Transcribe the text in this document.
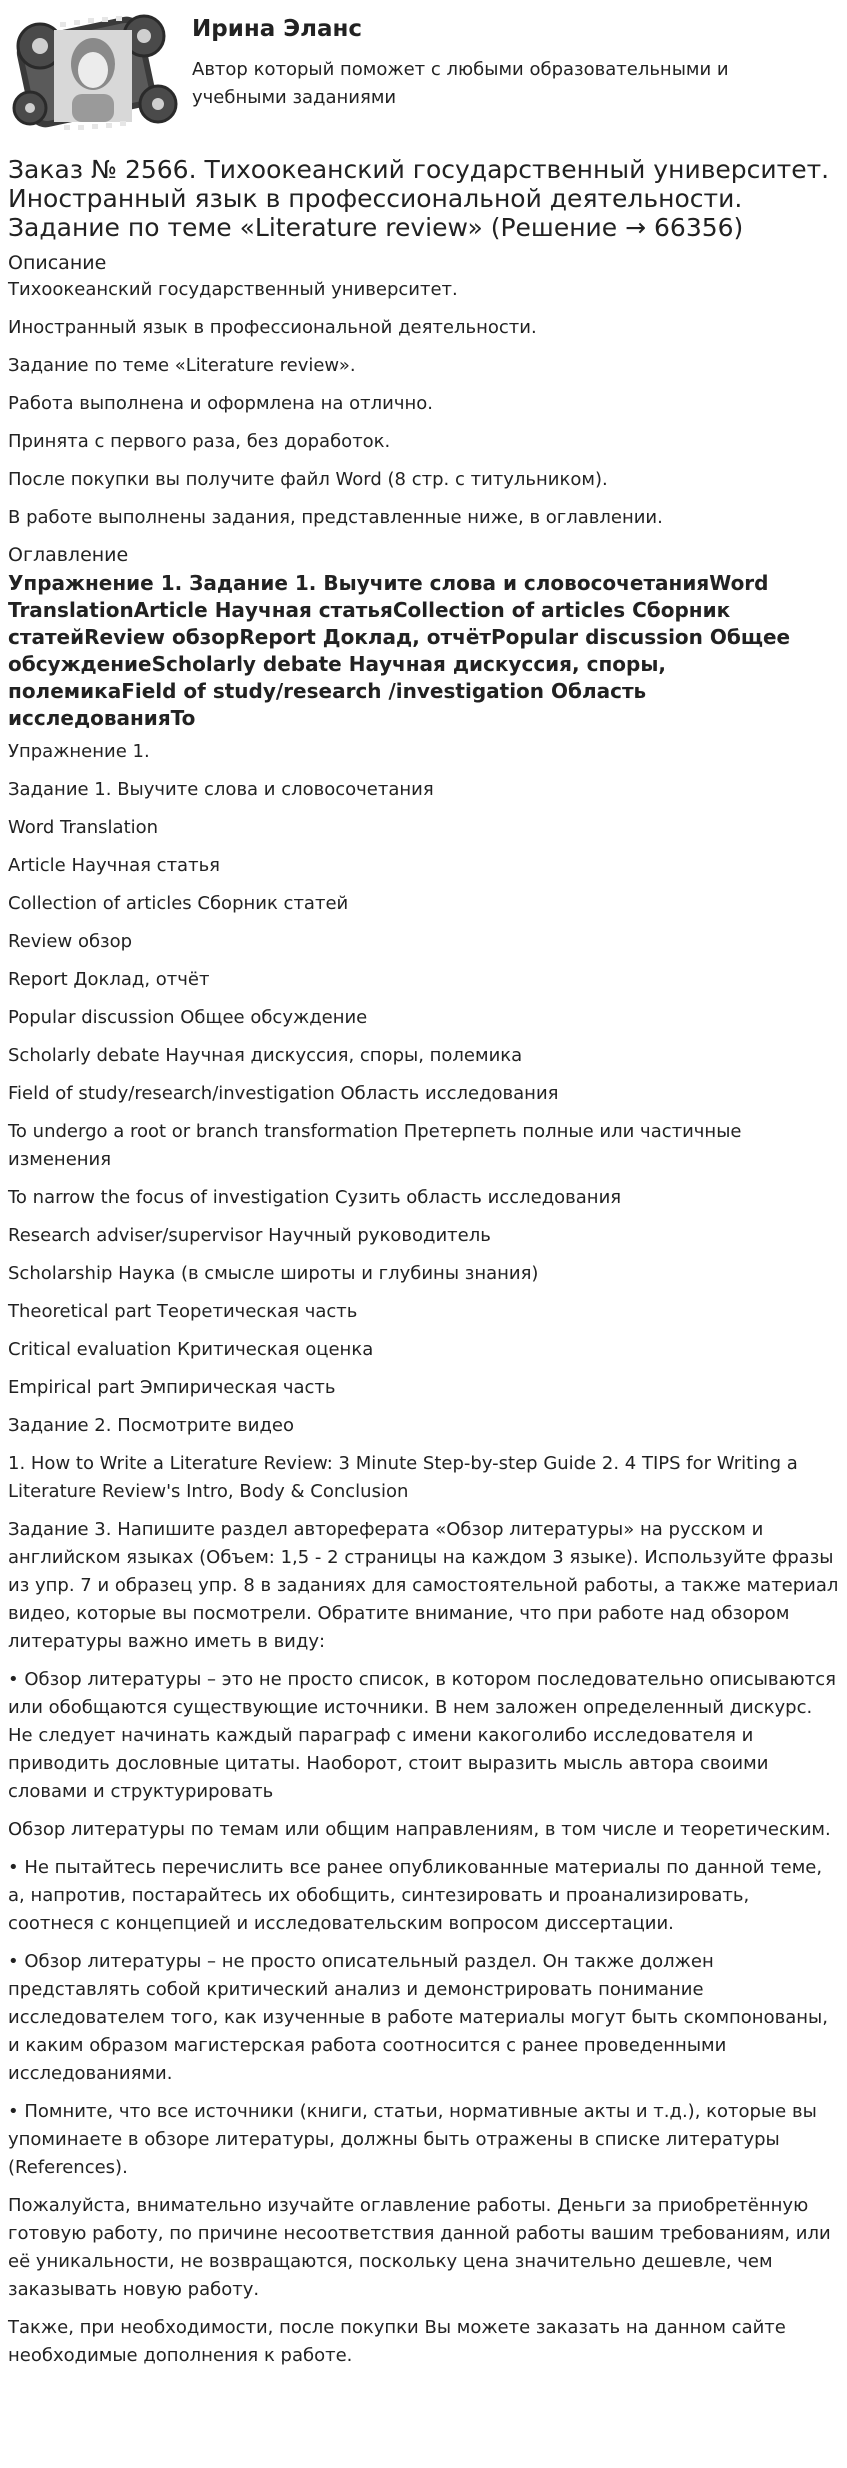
Ирина Эланс

Автор который поможет с любыми образовательными и учебными заданиями

Заказ № 2566. Тихоокеанский государственный университет. Иностранный язык в профессиональной деятельности. Задание по теме «Literature review» (Решение → 66356)
Описание

Тихоокеанский государственный университет.

Иностранный язык в профессиональной деятельности.

Задание по теме «Literature review».

Работа выполнена и оформлена на отлично.

Принята с первого раза, без доработок.

После покупки вы получите файл Word (8 стр. с титульником).

В работе выполнены задания, представленные ниже, в оглавлении.

Оглавление

Упражнение 1. Задание 1. Выучите слова и словосочетанияWord TranslationArticle Научная статьяCollection of articles Сборник статейReview обзорReport Доклад, отчётPopular discussion Общее обсуждениеScholarly debate Научная дискуссия, споры, полемикаField of study/research /investigation Область исследованияTo

Упражнение 1.

Задание 1. Выучите слова и словосочетания

Word Translation

Article Научная статья

Collection of articles Сборник статей

Review обзор

Report Доклад, отчёт

Popular discussion Общее обсуждение

Scholarly debate Научная дискуссия, споры, полемика

Field of study/research/investigation Область исследования

To undergo a root or branch transformation Претерпеть полные или частичные изменения

To narrow the focus of investigation Сузить область исследования

Research adviser/supervisor Научный руководитель

Scholarship Наука (в смысле широты и глубины знания)

Theoretical part Теоретическая часть

Critical evaluation Критическая оценка

Empirical part Эмпирическая часть

Задание 2. Посмотрите видео

1. How to Write a Literature Review: 3 Minute Step-by-step Guide 2. 4 TIPS for Writing a Literature Review's Intro, Body & Conclusion

Задание 3. Напишите раздел автореферата «Обзор литературы» на русском и английском языках (Объем: 1,5 - 2 страницы на каждом 3 языке). Используйте фразы из упр. 7 и образец упр. 8 в заданиях для самостоятельной работы, а также материал видео, которые вы посмотрели. Обратите внимание, что при работе над обзором литературы важно иметь в виду:

• Обзор литературы – это не просто список, в котором последовательно описываются или обобщаются существующие источники. В нем заложен определенный дискурс. Не следует начинать каждый параграф с имени какоголибо исследователя и приводить дословные цитаты. Наоборот, стоит выразить мысль автора своими словами и структурировать

Обзор литературы по темам или общим направлениям, в том числе и теоретическим.

• Не пытайтесь перечислить все ранее опубликованные материалы по данной теме, а, напротив, постарайтесь их обобщить, синтезировать и проанализировать, соотнеся с концепцией и исследовательским вопросом диссертации.

• Обзор литературы – не просто описательный раздел. Он также должен представлять собой критический анализ и демонстрировать понимание исследователем того, как изученные в работе материалы могут быть скомпонованы, и каким образом магистерская работа соотносится с ранее проведенными исследованиями.

• Помните, что все источники (книги, статьи, нормативные акты и т.д.), которые вы упоминаете в обзоре литературы, должны быть отражены в списке литературы (References).

Пожалуйста, внимательно изучайте оглавление работы. Деньги за приобретённую готовую работу, по причине несоответствия данной работы вашим требованиям, или её уникальности, не возвращаются, поскольку цена значительно дешевле, чем заказывать новую работу.

Также, при необходимости, после покупки Вы можете заказать на данном сайте необходимые дополнения к работе.
